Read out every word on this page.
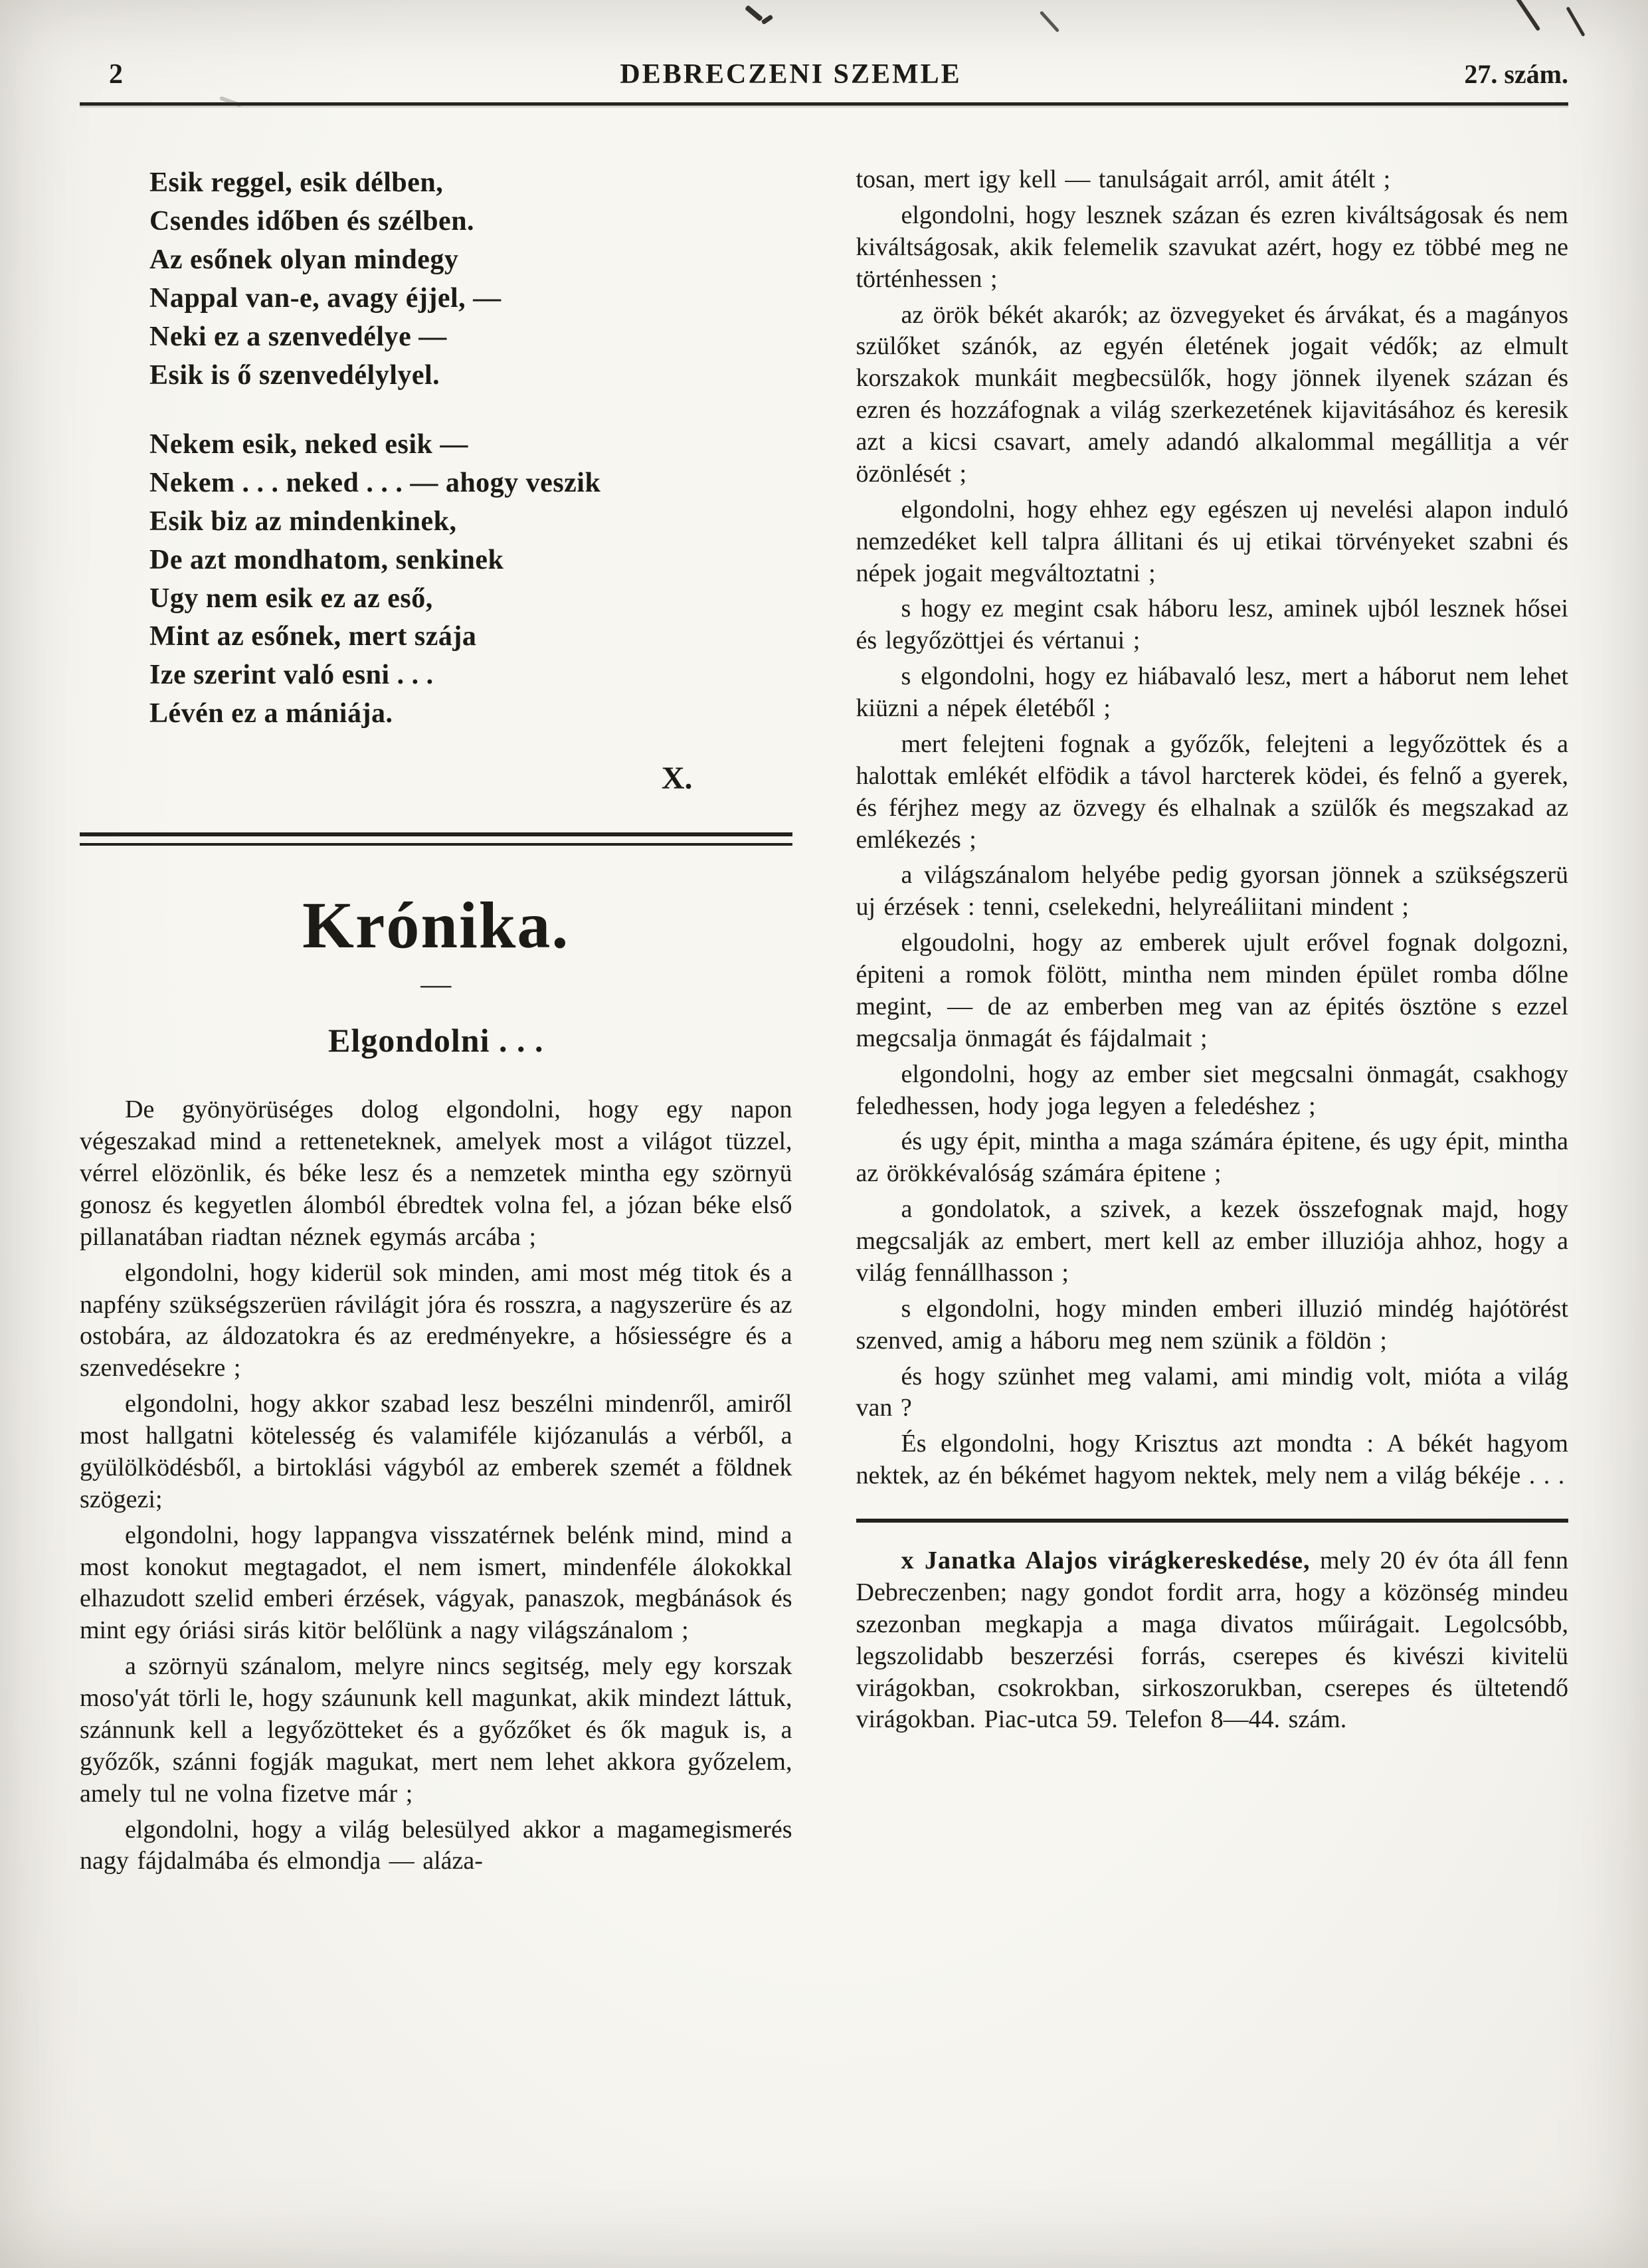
2	DEBRECZENI SZEMLE	27. szám.

Esik reggel, esik délben,

Csendes időben és szélben.

Az esőnek olyan mindegy

Nappal van-e, avagy éjjel, —

Neki ez a szenvedélye —

Esik is ő szenvedélylyel.

Nekem esik, neked esik —

Nekem . . . neked . . . — ahogy veszik

Esik biz az mindenkinek,

De azt mondhatom, senkinek

Ugy nem esik ez az eső,

Mint az esőnek, mert szája

Ize szerint való esni . . .

Lévén ez a mániája.

X.
Krónika.
—
Elgondolni . . .

De gyönyörüséges dolog elgondolni, hogy egy napon végeszakad mind a retteneteknek, amelyek most a világot tüzzel, vérrel elözönlik, és béke lesz és a nemzetek mintha egy szörnyü gonosz és kegyetlen álomból ébredtek volna fel, a józan béke első pillanatában riadtan néznek egymás arcába ;

elgondolni, hogy kiderül sok minden, ami most még titok és a napfény szükségszerüen rávilágit jóra és rosszra, a nagyszerüre és az ostobára, az áldozatokra és az eredményekre, a hősiességre és a szenvedésekre ;

elgondolni, hogy akkor szabad lesz beszélni mindenről, amiről most hallgatni kötelesség és valamiféle kijózanulás a vérből, a gyülölködésből, a birtoklási vágyból az emberek szemét a földnek szögezi;

elgondolni, hogy lappangva visszatérnek belénk mind, mind a most konokut megtagadot, el nem ismert, mindenféle álokokkal elhazudott szelid emberi érzések, vágyak, panaszok, megbánások és mint egy óriási sirás kitör belőlünk a nagy világszánalom ;

a szörnyü szánalom, melyre nincs segitség, mely egy korszak moso'yát törli le, hogy száununk kell magunkat, akik mindezt láttuk, szánnunk kell a legyőzötteket és a győzőket és ők maguk is, a győzők, szánni fogják magukat, mert nem lehet akkora győzelem, amely tul ne volna fizetve már ;

elgondolni, hogy a világ belesülyed akkor a magamegismerés nagy fájdalmába és elmondja — aláza-

tosan, mert igy kell — tanulságait arról, amit átélt ;

elgondolni, hogy lesznek százan és ezren kiváltságosak és nem kiváltságosak, akik felemelik szavukat azért, hogy ez többé meg ne történhessen ;

az örök békét akarók; az özvegyeket és árvákat, és a magányos szülőket szánók, az egyén életének jogait védők; az elmult korszakok munkáit megbecsülők, hogy jönnek ilyenek százan és ezren és hozzáfognak a világ szerkezetének kijavitásához és keresik azt a kicsi csavart, amely adandó alkalommal megállitja a vér özönlését ;

elgondolni, hogy ehhez egy egészen uj nevelési alapon induló nemzedéket kell talpra állitani és uj etikai törvényeket szabni és népek jogait megváltoztatni ;

s hogy ez megint csak háboru lesz, aminek ujból lesznek hősei és legyőzöttjei és vértanui ;

s elgondolni, hogy ez hiábavaló lesz, mert a háborut nem lehet kiüzni a népek életéből ;

mert felejteni fognak a győzők, felejteni a legyőzöttek és a halottak emlékét elfödik a távol harcterek ködei, és felnő a gyerek, és férjhez megy az özvegy és elhalnak a szülők és megszakad az emlékezés ;

a világszánalom helyébe pedig gyorsan jönnek a szükségszerü uj érzések : tenni, cselekedni, helyreáliitani mindent ;

elgoudolni, hogy az emberek ujult erővel fognak dolgozni, épiteni a romok fölött, mintha nem minden épület romba dőlne megint, — de az emberben meg van az épités ösztöne s ezzel megcsalja önmagát és fájdalmait ;

elgondolni, hogy az ember siet megcsalni önmagát, csakhogy feledhessen, hody joga legyen a feledéshez ;

és ugy épit, mintha a maga számára épitene, és ugy épit, mintha az örökkévalóság számára épitene ;

a gondolatok, a szivek, a kezek összefognak majd, hogy megcsalják az embert, mert kell az ember illuziója ahhoz, hogy a világ fennállhasson ;

s elgondolni, hogy minden emberi illuzió mindég hajótörést szenved, amig a háboru meg nem szünik a földön ;

és hogy szünhet meg valami, ami mindig volt, mióta a világ van ?

És elgondolni, hogy Krisztus azt mondta : A békét hagyom nektek, az én békémet hagyom nektek, mely nem a világ békéje . . .

x Janatka Alajos virágkereskedése, mely 20 év óta áll fenn Debreczenben; nagy gondot fordit arra, hogy a közönség mindeu szezonban megkapja a maga divatos műirágait. Legolcsóbb, legszolidabb beszerzési forrás, cserepes és kivészi kivitelü virágokban, csokrokban, sirkoszorukban, cserepes és ültetendő virágokban. Piac-utca 59. Telefon 8—44. szám.
